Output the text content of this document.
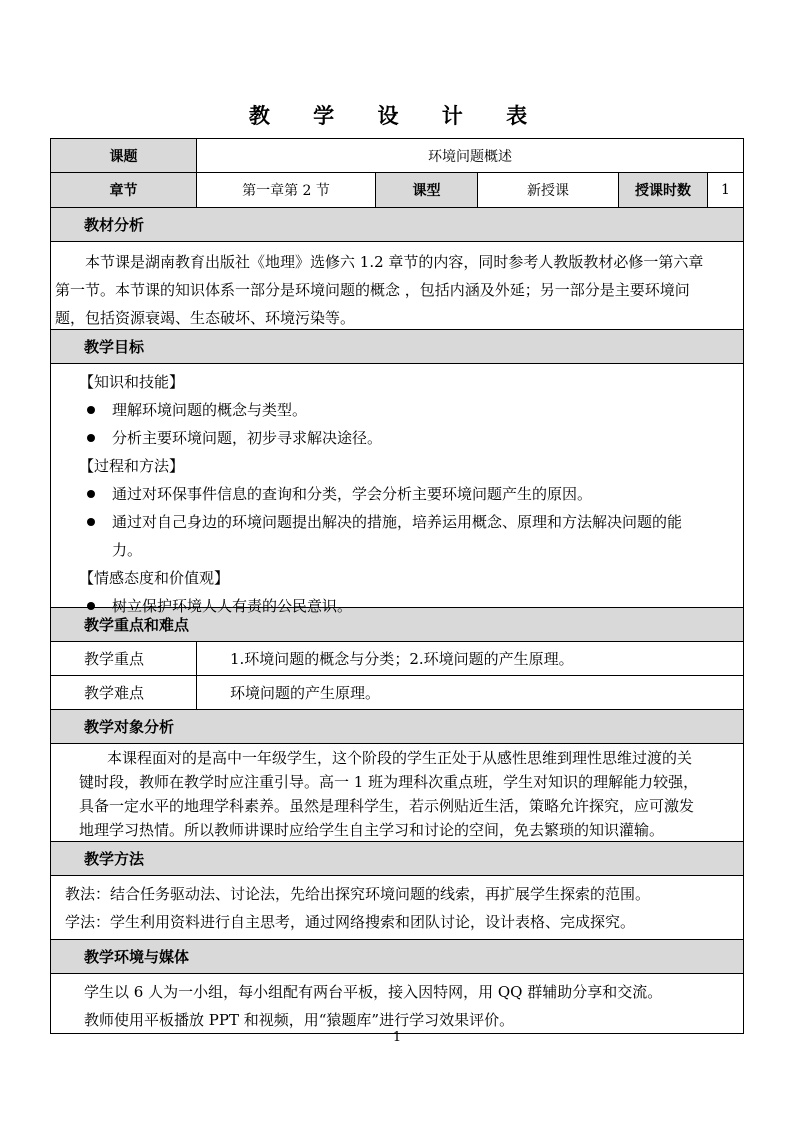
教 学 设 计 表
课题	环境问题概述
章节	第一章第 2 节	课型	新授课	授课时数	1
教材分析
本节课是湖南教育出版社《地理》选修六 1.2 章节的内容，同时参考人教版教材必修一第六章
第一节。本节课的知识体系一部分是环境问题的概念 ，包括内涵及外延；另一部分是主要环境问
题，包括资源衰竭、生态破坏、环境污染等。
教学目标
【知识和技能】
理解环境问题的概念与类型。
分析主要环境问题，初步寻求解决途径。
【过程和方法】
通过对环保事件信息的查询和分类，学会分析主要环境问题产生的原因。
通过对自己身边的环境问题提出解决的措施，培养运用概念、原理和方法解决问题的能
力。
【情感态度和价值观】
树立保护环境人人有责的公民意识。
教学重点和难点
教学重点	1.环境问题的概念与分类；2.环境问题的产生原理。
教学难点	环境问题的产生原理。
教学对象分析
本课程面对的是高中一年级学生，这个阶段的学生正处于从感性思维到理性思维过渡的关
键时段，教师在教学时应注重引导。高一 1 班为理科次重点班，学生对知识的理解能力较强，
具备一定水平的地理学科素养。虽然是理科学生，若示例贴近生活，策略允许探究，应可激发
地理学习热情。所以教师讲课时应给学生自主学习和讨论的空间，免去繁琐的知识灌输。
教学方法
教法：结合任务驱动法、讨论法，先给出探究环境问题的线索，再扩展学生探索的范围。
学法：学生利用资料进行自主思考，通过网络搜索和团队讨论，设计表格、完成探究。
教学环境与媒体
学生以 6 人为一小组，每小组配有两台平板，接入因特网，用 QQ 群辅助分享和交流。
教师使用平板播放 PPT 和视频，用“猿题库”进行学习效果评价。
1
